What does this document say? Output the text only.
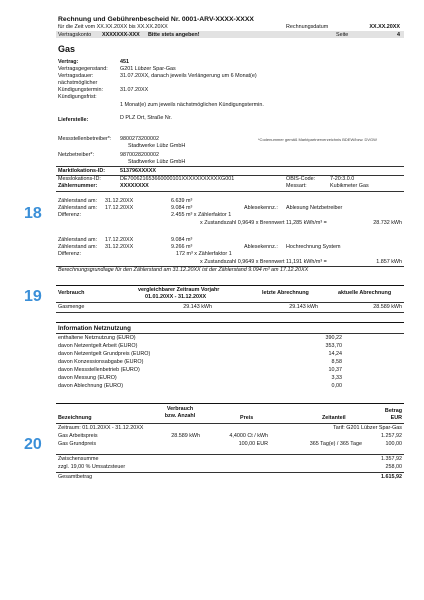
Rechnung und Gebührenbescheid Nr. 0001-ARV-XXXX-XXXX
für die Zeit vom XX.XX.20XX bis XX.XX.20XX	Rechnungsdatum	XX.XX.20XX
Vertragskonto XXXXXXX-XXX Bitte stets angeben!	Seite	4
Gas
Vertrag:	451
Vertragsgegenstand: G201 Lübzer Spar-Gas
Vertragsdauer:	31.07.20XX, danach jeweils Verlängerung um 6 Monat(e)
nächstmöglicher
Kündigungstermin:	31.07.20XX
Kündigungsfrist:
1 Monat(e) zum jeweils nächstmöglichen Kündigungstermin.
Lieferstelle:	D PLZ Ort, Straße Nr.
Messstellenbetreiber*: 9800273200002	*Codenummer gemäß Marktpartnerverzeichnis BDEW/bzw. DVGW
Stadtwerke Lübz GmbH
Netzbetreiber*:	9870028200002
Stadtwerke Lübz GmbH
Marktlokations-ID:	513796XXXXX
Messlokations-ID:	DE700621653660000101XXXXXXXXXXXG001	OBIS-Code:	7-20:3.0.0
Zählernummer:	XXXXXXXX	Messart:	Kubikmeter Gas
18
Zählerstand am: 31.12.20XX	6.639 m³
Zählerstand am: 17.12.20XX	9.084 m³	Ablesekennz.: Ablesung Netzbetreiber
Differenz:	2.455 m³ x Zählerfaktor 1
x Zustandszahl 0,9649 x Brennwert 11,285 kWh/m³ =	28.732 kWh
Zählerstand am: 17.12.20XX	9.084 m³
Zählerstand am: 31.12.20XX	9.266 m³	Ablesekennz.: Hochrechnung System
Differenz:	172 m³ x Zählerfaktor 1
x Zustandszahl 0,9649 x Brennwert 11,191 kWh/m³ =	1.857 kWh
Berechnungsgrundlage für den Zählerstand am 31.12.20XX ist der Zählerstand 9.094 m³ am 17.12.20XX
19	Verbrauch	vergleichbarer Zeitraum Vorjahr
01.01.20XX - 31.12.20XX
letzte Abrechnung	aktuelle Abrechnung
Gasmenge	29.143 kWh	29.143 kWh	28.589 kWh
Information Netznutzung
enthaltene Netznutzung (EURO)	390,22
davon Netzentgelt Arbeit (EURO)	353,70
davon Netzentgelt Grundpreis (EURO)	14,24
davon Konzessionsabgabe (EURO)	8,58
davon Messstellenbetrieb (EURO)	10,37
davon Messung (EURO)	3,33
davon Ablechnung (EURO)	0,00
Bezeichnung
Verbrauch
bzw. Anzahl	Preis	Zeitanteil
Betrag
EUR
Zeitraum: 01.01.20XX - 31.12.20XX	Tarif: G201 Lübzer Spar-Gas
20	Gas Arbeitspreis	28.589 kWh	4,4000 Ct / kWh	1.257,92
Gas Grundpreis	100,00 EUR	365 Tag(e) / 365 Tage	100,00
Zwischensumme	1.357,92
zzgl. 19,00 % Umsatzsteuer	258,00
Gesamtbetrag	1.615,92
